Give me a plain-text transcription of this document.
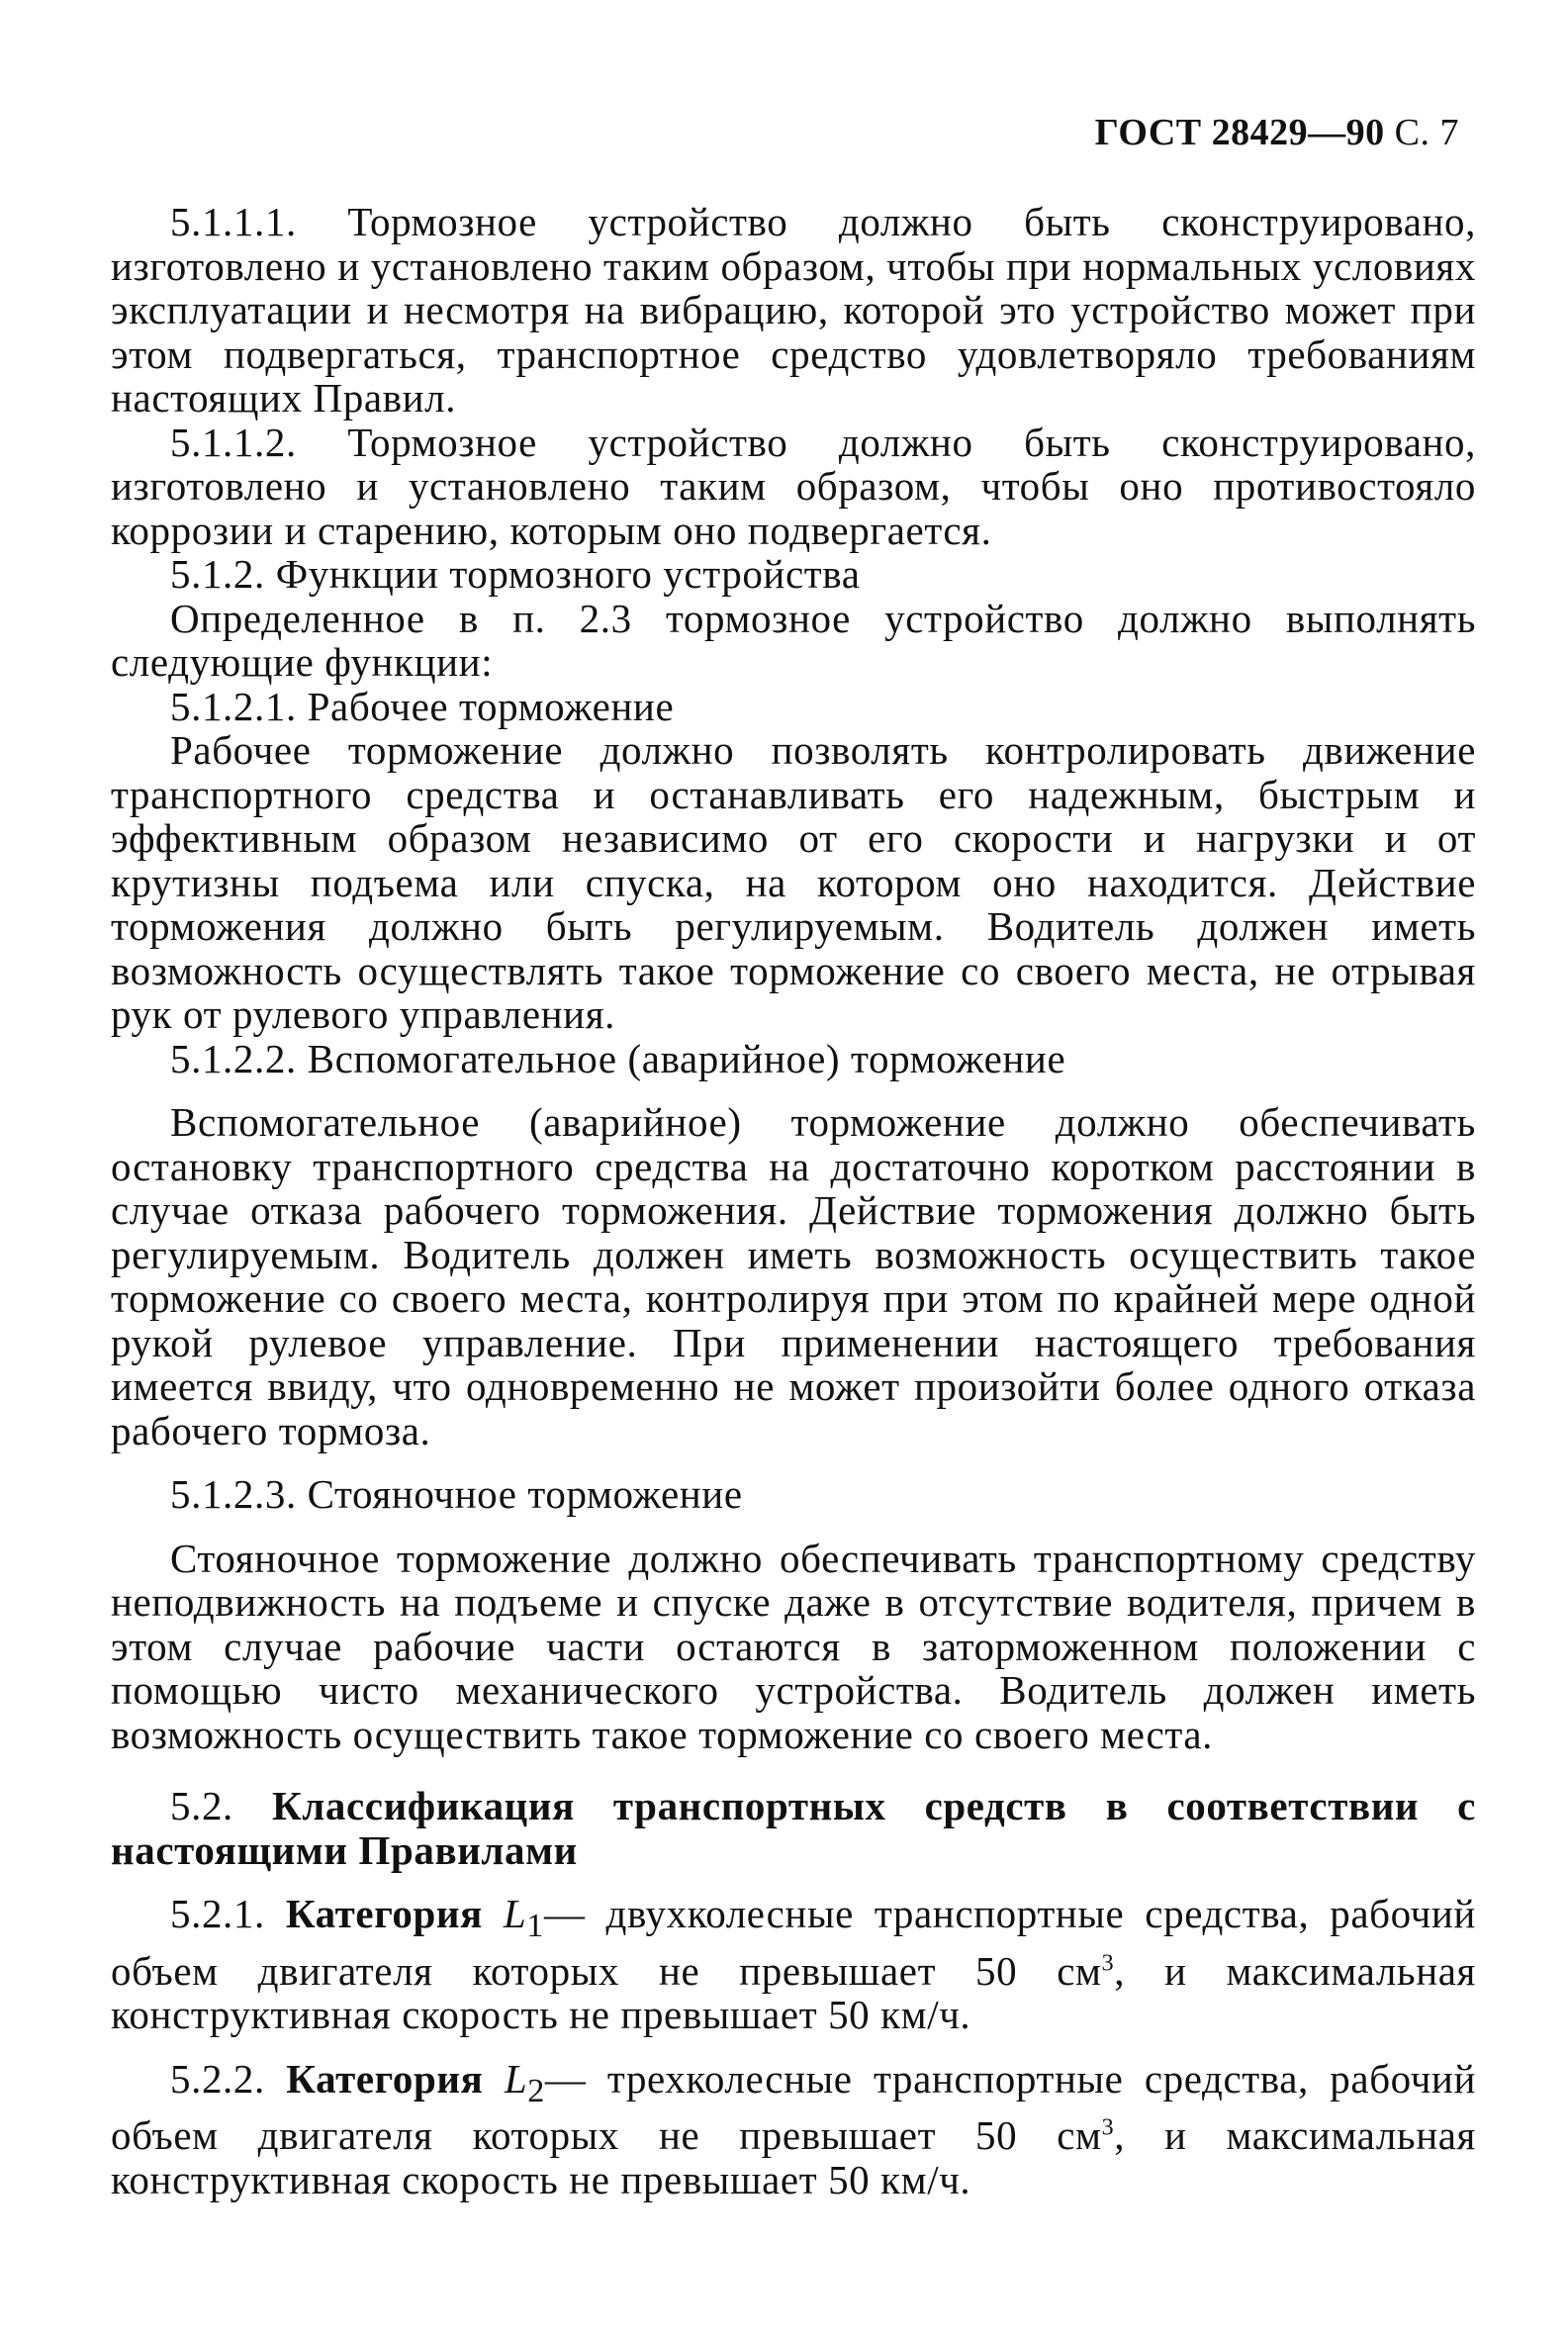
ГОСТ 28429—90 С. 7

5.1.1.1. Тормозное устройство должно быть сконструировано, изготовлено и установлено таким образом, чтобы при нормальных условиях эксплуатации и несмотря на вибрацию, которой это устройство может при этом подвергаться, транспортное средство удовлетворяло требованиям настоящих Правил.

5.1.1.2. Тормозное устройство должно быть сконструировано, изготовлено и установлено таким образом, чтобы оно противостояло коррозии и старению, которым оно подвергается.

5.1.2. Функции тормозного устройства

Определенное в п. 2.3 тормозное устройство должно выполнять следующие функции:

5.1.2.1. Рабочее торможение

Рабочее торможение должно позволять контролировать движение транспортного средства и останавливать его надежным, быстрым и эффективным образом независимо от его скорости и нагрузки и от крутизны подъема или спуска, на котором оно находится. Действие торможения должно быть регулируемым. Водитель должен иметь возможность осуществлять такое торможение со своего места, не отрывая рук от рулевого управления.

5.1.2.2. Вспомогательное (аварийное) торможение

Вспомогательное (аварийное) торможение должно обеспечивать остановку транспортного средства на достаточно коротком расстоянии в случае отказа рабочего торможения. Действие торможения должно быть регулируемым. Водитель должен иметь возможность осуществить такое торможение со своего места, контролируя при этом по крайней мере одной рукой рулевое управление. При применении настоящего требования имеется ввиду, что одновременно не может произойти более одного отказа рабочего тормоза.

5.1.2.3. Стояночное торможение

Стояночное торможение должно обеспечивать транспортному средству неподвижность на подъеме и спуске даже в отсутствие водителя, причем в этом случае рабочие части остаются в заторможенном положении с помощью чисто механического устройства. Водитель должен иметь возможность осуществить такое торможение со своего места.

5.2. Классификация транспортных средств в соответствии с настоящими Правилами

5.2.1. Категория $L_1—$ двухколесные транспортные средства, рабочий объем двигателя которых не превышает 50 $см^3$, и максимальная конструктивная скорость не превышает 50 км/ч.

5.2.2. Категория $L_2—$ трехколесные транспортные средства, рабочий объем двигателя которых не превышает 50 $см^3$, и максимальная конструктивная скорость не превышает 50 км/ч.
